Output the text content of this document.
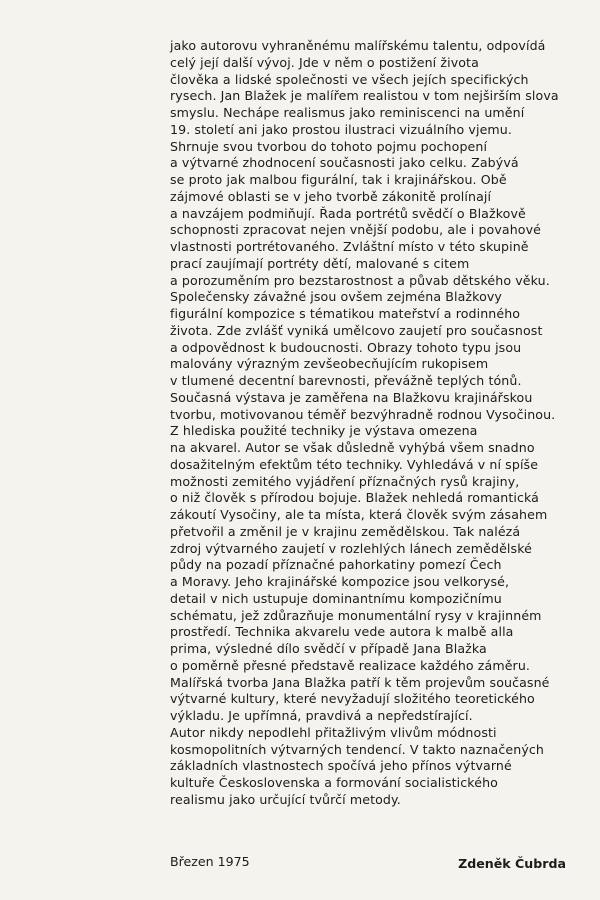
jako autorovu vyhraněnému malířskému talentu, odpovídá
celý její další vývoj. Jde v něm o postižení života
člověka a lidské společnosti ve všech jejích specifických
rysech. Jan Blažek je malířem realistou v tom nejširším slova
smyslu. Nechápe realismus jako reminiscenci na umění
19. století ani jako prostou ilustraci vizuálního vjemu.
Shrnuje svou tvorbou do tohoto pojmu pochopení
a výtvarné zhodnocení současnosti jako celku. Zabývá
se proto jak malbou figurální, tak i krajinářskou. Obě
zájmové oblasti se v jeho tvorbě zákonitě prolínají
a navzájem podmiňují. Řada portrétů svědčí o Blažkově
schopnosti zpracovat nejen vnější podobu, ale i povahové
vlastnosti portrétovaného. Zvláštní místo v této skupině
prací zaujímají portréty dětí, malované s citem
a porozuměním pro bezstarostnost a půvab dětského věku.
Společensky závažné jsou ovšem zejména Blažkovy
figurální kompozice s tématikou mateřství a rodinného
života. Zde zvlášť vyniká umělcovo zaujetí pro současnost
a odpovědnost k budoucnosti. Obrazy tohoto typu jsou
malovány výrazným zevšeobecňujícím rukopisem
v tlumené decentní barevnosti, převážně teplých tónů.
Současná výstava je zaměřena na Blažkovu krajinářskou
tvorbu, motivovanou téměř bezvýhradně rodnou Vysočinou.
Z hlediska použité techniky je výstava omezena
na akvarel. Autor se však důsledně vyhýbá všem snadno
dosažitelným efektům této techniky. Vyhledává v ní spíše
možnosti zemitého vyjádření příznačných rysů krajiny,
o niž člověk s přírodou bojuje. Blažek nehledá romantická
zákoutí Vysočiny, ale ta místa, která člověk svým zásahem
přetvořil a změnil je v krajinu zemědělskou. Tak nalézá
zdroj výtvarného zaujetí v rozlehlých lánech zemědělské
půdy na pozadí příznačné pahorkatiny pomezí Čech
a Moravy. Jeho krajinářské kompozice jsou velkorysé,
detail v nich ustupuje dominantnímu kompozičnímu
schématu, jež zdůrazňuje monumentální rysy v krajinném
prostředí. Technika akvarelu vede autora k malbě alla
prima, výsledné dílo svědčí v případě Jana Blažka
o poměrně přesné představě realizace každého záměru.
Malířská tvorba Jana Blažka patří k těm projevům současné
výtvarné kultury, které nevyžadují složitého teoretického
výkladu. Je upřímná, pravdivá a nepředstírající.
Autor nikdy nepodlehl přitažlivým vlivům módnosti
kosmopolitních výtvarných tendencí. V takto naznačených
základních vlastnostech spočívá jeho přínos výtvarné
kultuře Československa a formování socialistického
realismu jako určující tvůrčí metody.
Březen 1975	Zdeněk Čubrda
